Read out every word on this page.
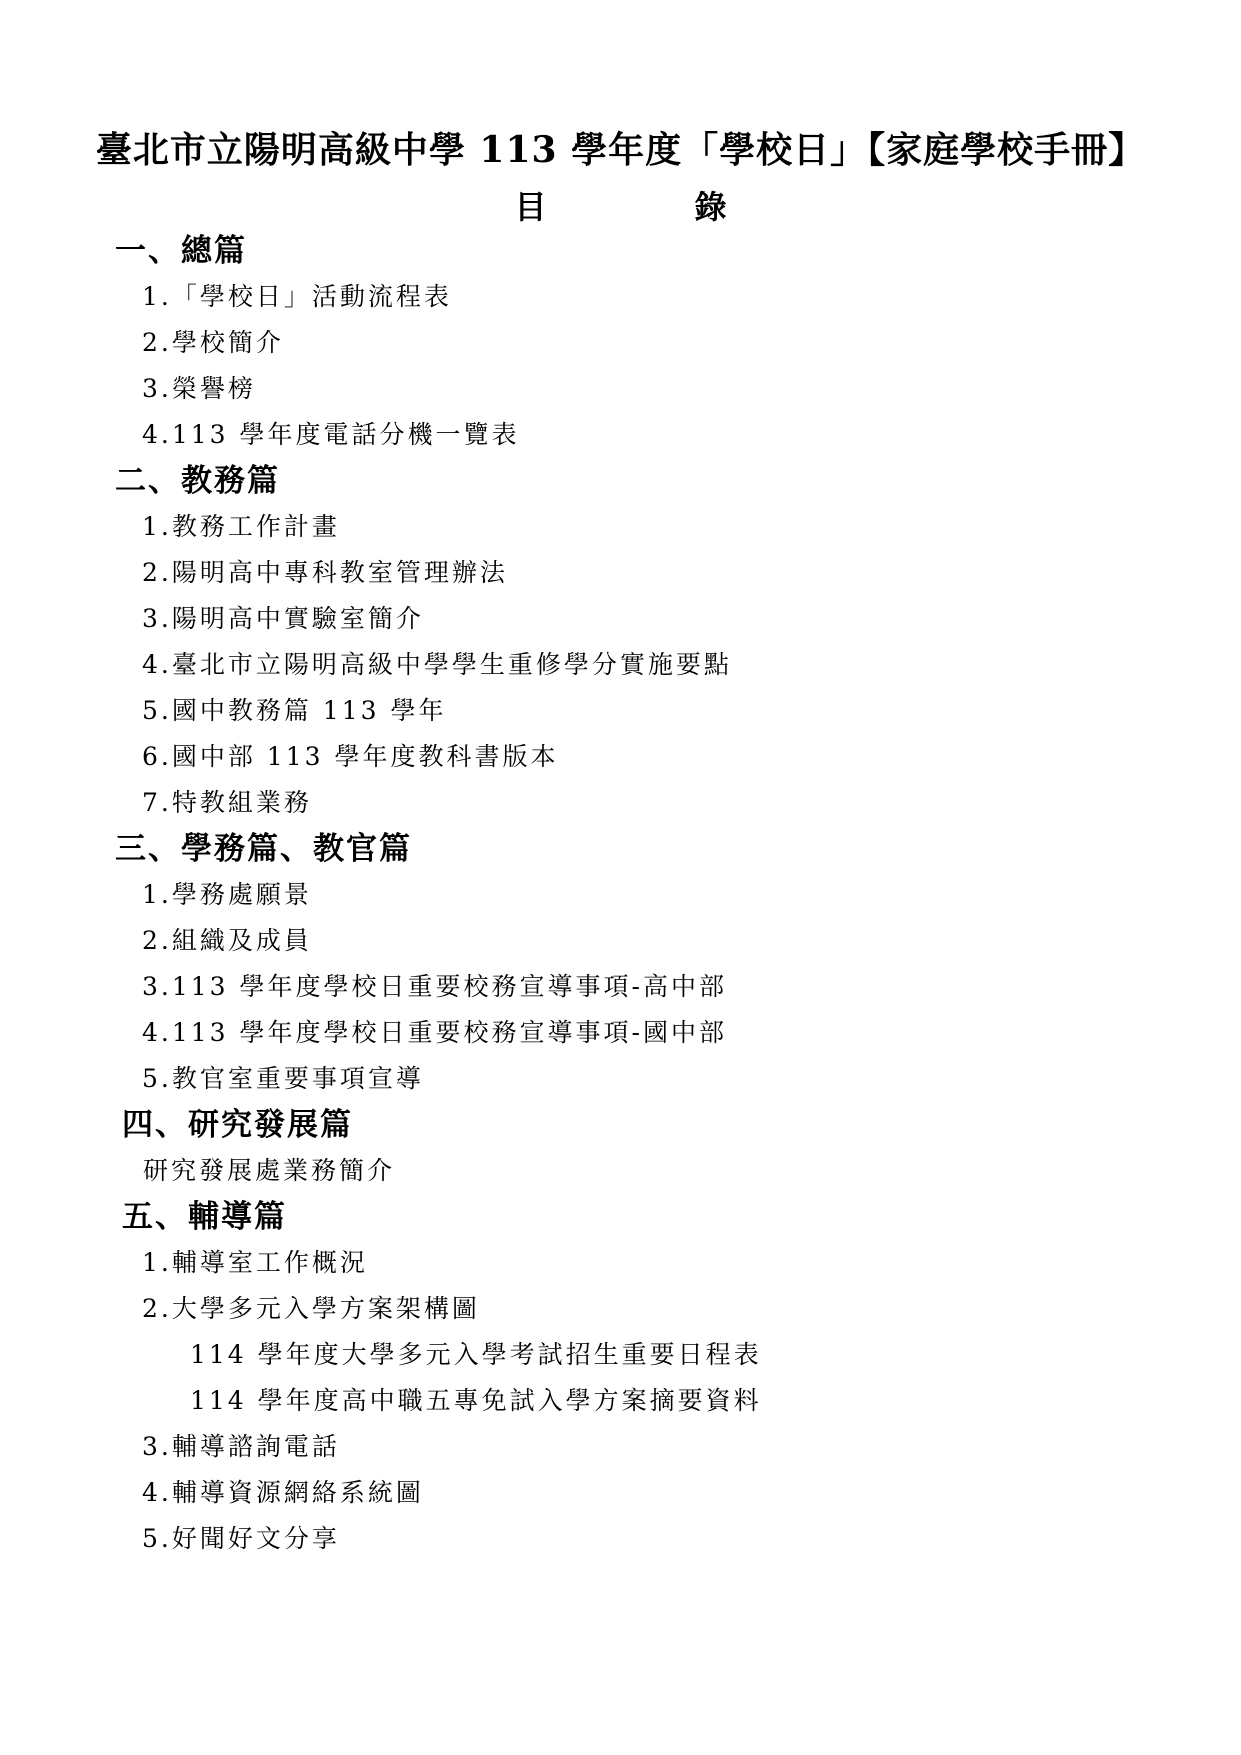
臺北市立陽明高級中學 113 學年度「學校日」【家庭學校手冊】
目	錄
一、總篇
1.「學校日」活動流程表
2.學校簡介
3.榮譽榜
4.113 學年度電話分機一覽表
二、教務篇
1.教務工作計畫
2.陽明高中專科教室管理辦法
3.陽明高中實驗室簡介
4.臺北市立陽明高級中學學生重修學分實施要點
5.國中教務篇 113 學年
6.國中部 113 學年度教科書版本
7.特教組業務
三、學務篇、教官篇
1.學務處願景
2.組織及成員
3.113 學年度學校日重要校務宣導事項-高中部
4.113 學年度學校日重要校務宣導事項-國中部
5.教官室重要事項宣導
四、研究發展篇
研究發展處業務簡介
五、輔導篇
1.輔導室工作概況
2.大學多元入學方案架構圖
114 學年度大學多元入學考試招生重要日程表
114 學年度高中職五專免試入學方案摘要資料
3.輔導諮詢電話
4.輔導資源網絡系統圖
5.好聞好文分享
